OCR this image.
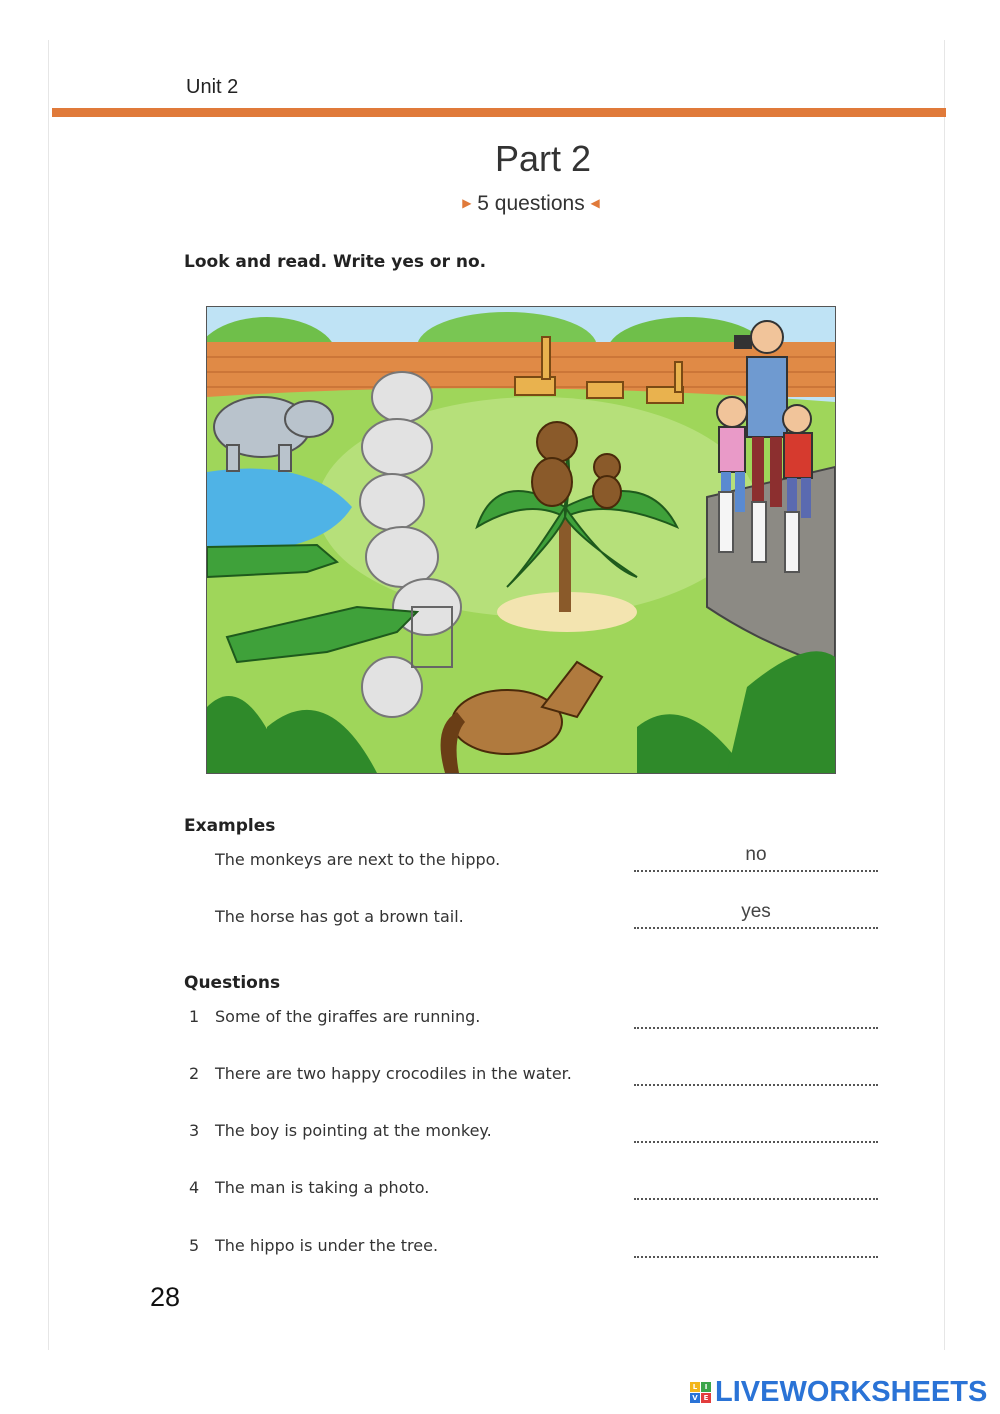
Unit 2
Part 2
▶ 5 questions ◀
Look and read. Write yes or no.
Examples
The monkeys are next to the hippo.	no
The horse has got a brown tail.	yes
Questions
1 Some of the giraffes are running.
2 There are two happy crocodiles in the water.
3 The boy is pointing at the monkey.
4 The man is taking a photo.
5 The hippo is under the tree.
28
L	I
V E LIVEWORKSHEETS
